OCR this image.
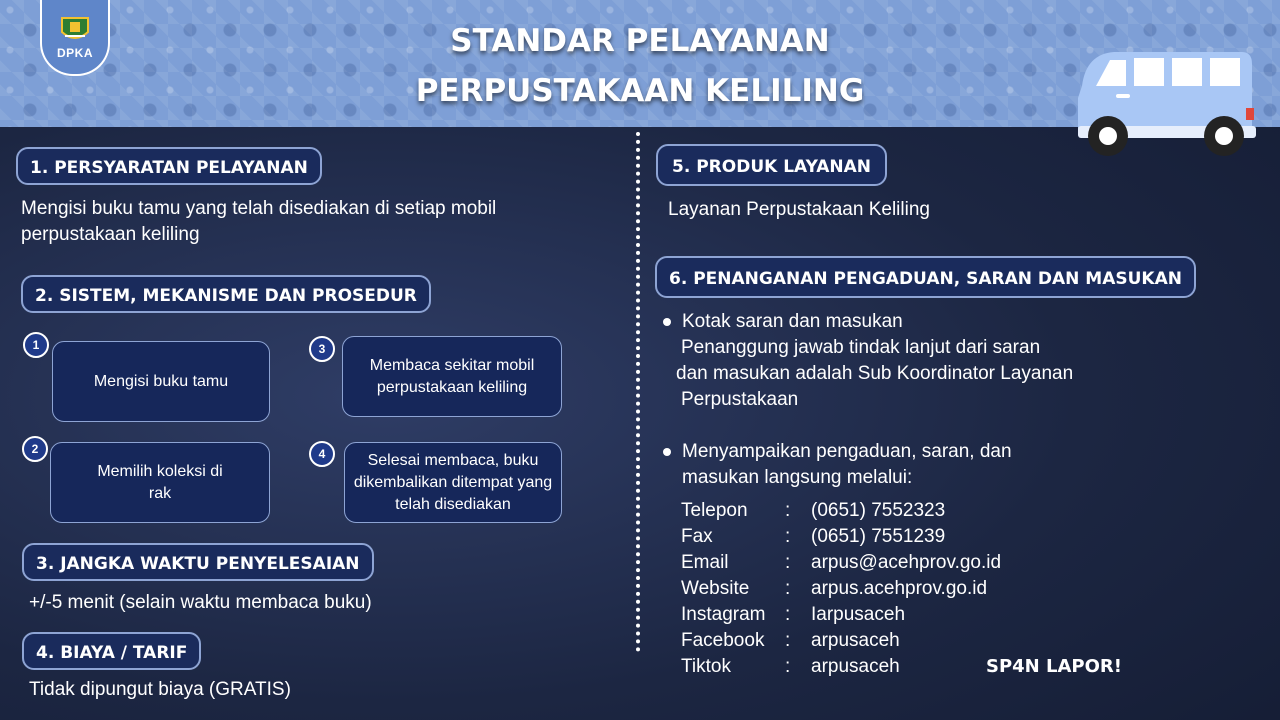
DPKA	STANDAR PELAYANAN
PERPUSTAKAAN KELILING
1. PERSYARATAN PELAYANAN
Mengisi buku tamu yang telah disediakan di setiap mobil
perpustakaan keliling
2. SISTEM, MEKANISME DAN PROSEDUR
1
Mengisi buku tamu
2
Memilih koleksi di rak
3
Membaca sekitar mobil perpustakaan keliling
4	Selesai membaca, buku dikembalikan ditempat yang telah disediakan
3. JANGKA WAKTU PENYELESAIAN
+/-5 menit (selain waktu membaca buku)
4. BIAYA / TARIF
Tidak dipungut biaya (GRATIS)
5. PRODUK LAYANAN
Layanan Perpustakaan Keliling
6. PENANGANAN PENGADUAN, SARAN DAN MASUKAN
Kotak saran dan masukan
Penanggung jawab tindak lanjut dari saran
dan masukan adalah Sub Koordinator Layanan
Perpustakaan
Menyampaikan pengaduan, saran, dan
masukan langsung melalui:
Telepon : (0651) 7552323
Fax	: (0651) 7551239
Email	: arpus@acehprov.go.id
Website : arpus.acehprov.go.id
Instagram : Iarpusaceh
Facebook : arpusaceh
Tiktok	: arpusaceh	SP4N LAPOR!
